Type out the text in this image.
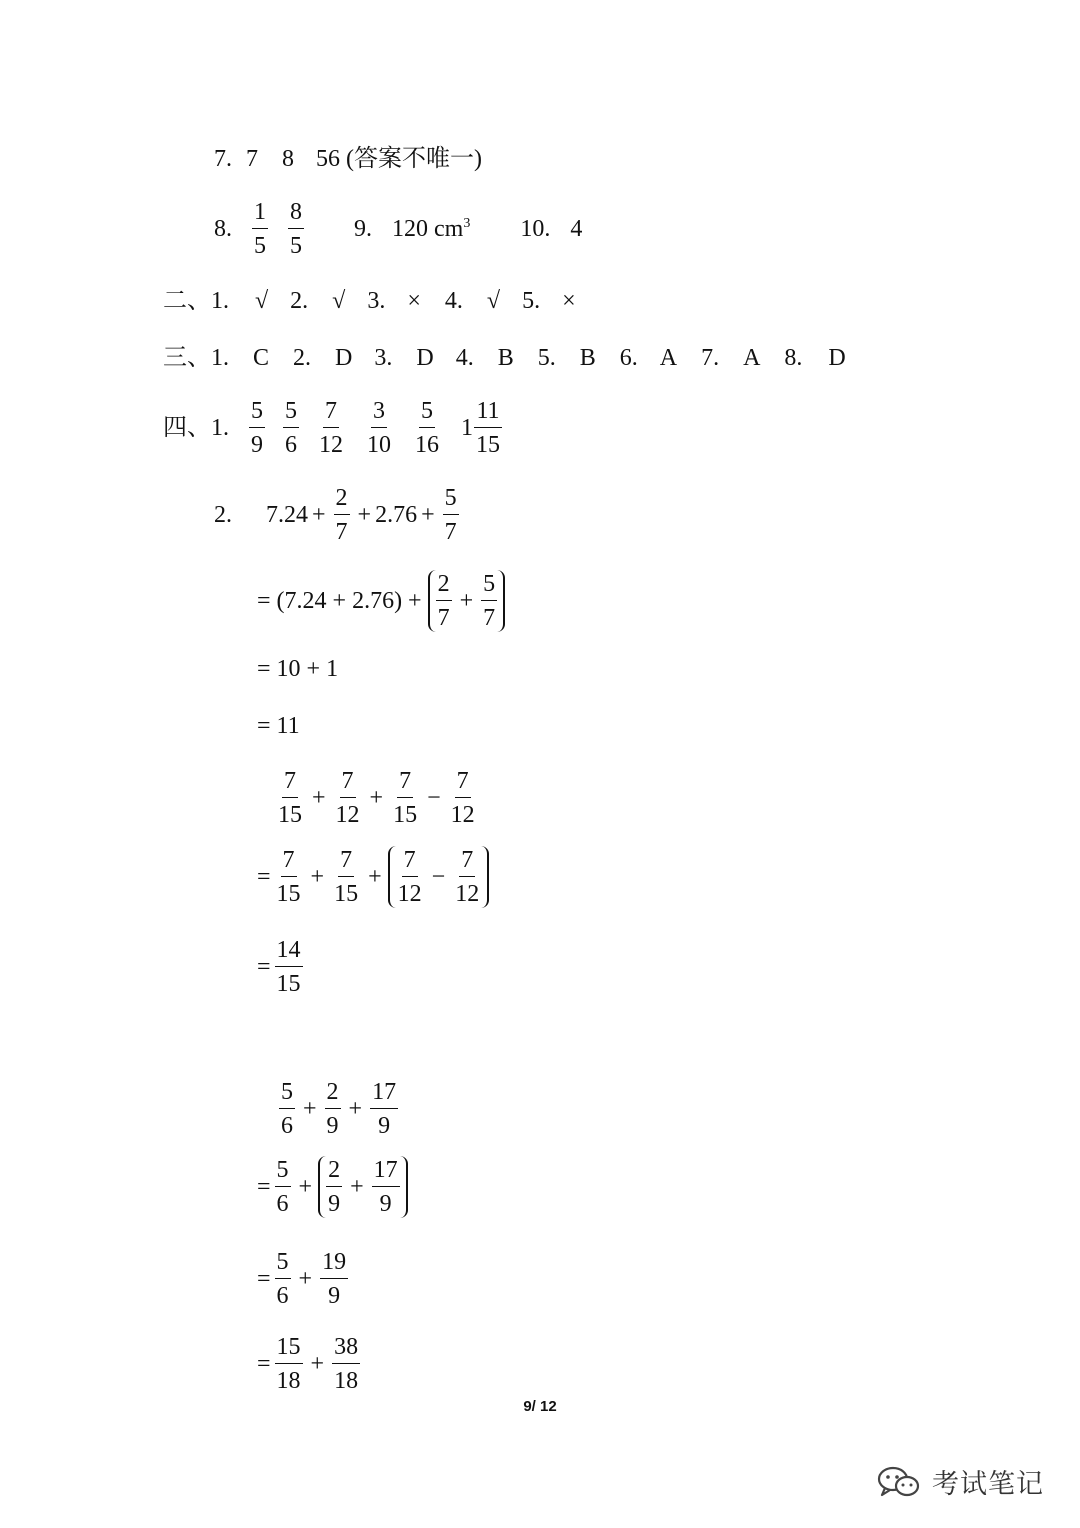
7. 7 8 56 (答案不唯一)
8. $\frac{1}{5} \frac{8}{5} 9$. 120 $cm^3$ 10. 4
二、 1. √ 2. √ 3. × 4. √ 5. ×
三、 1. C 2. D 3. D 4. B 5. B 6. A 7. A 8. D
四、 1. $\frac{5}{9} \frac{5}{6} \frac{7}{12} \frac{3}{10} \frac{5}{16} 1 \frac{11}{15}$
2. $7.24 + \frac{2}{7} + 2.76 + \frac{5}{7}$
= $(7.24 + 2.76) + \frac{2}{7} + \frac{5}{7}$
= 10 + 1
= 11
$\frac{7}{15} + \frac{7}{12} + \frac{7}{15} - \frac{7}{12}$
= $\frac{7}{15} + \frac{7}{15} + \frac{7}{12} - \frac{7}{12}$
= $\frac{14}{15}$
$\frac{5}{6} + \frac{2}{9} + \frac{17}{9}$
= $\frac{5}{6} + \frac{2}{9} + \frac{17}{9}$
= $\frac{5}{6} + \frac{19}{9}$
= $\frac{15}{18} + \frac{38}{18}$
9/ 12
考试笔记
